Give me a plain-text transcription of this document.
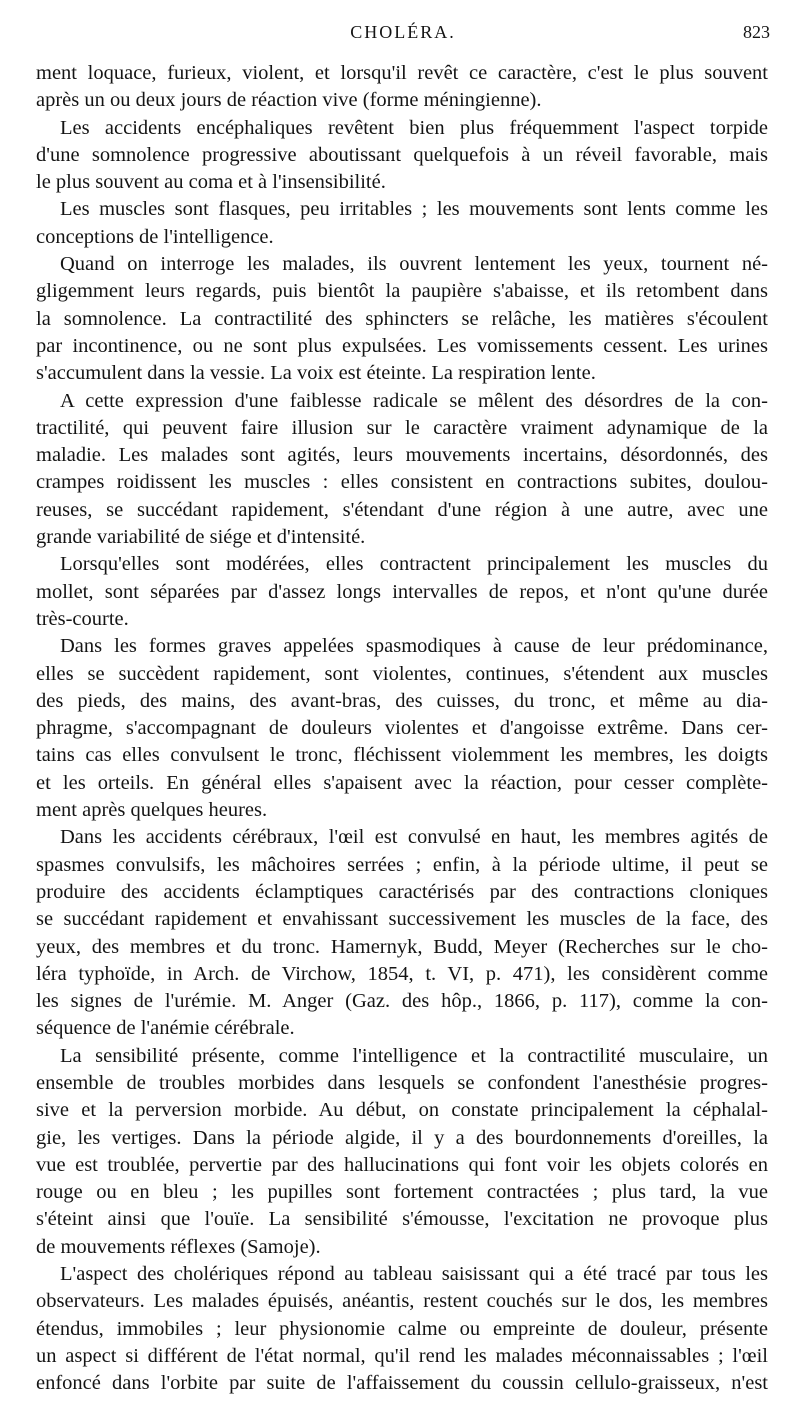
CHOLÉRA.	823
ment loquace, furieux, violent, et lorsqu'il revêt ce caractère, c'est le plus souvent
après un ou deux jours de réaction vive (forme méningienne).
Les accidents encéphaliques revêtent bien plus fréquemment l'aspect torpide
d'une somnolence progressive aboutissant quelquefois à un réveil favorable, mais
le plus souvent au coma et à l'insensibilité.
Les muscles sont flasques, peu irritables ; les mouvements sont lents comme les
conceptions de l'intelligence.
Quand on interroge les malades, ils ouvrent lentement les yeux, tournent né-
gligemment leurs regards, puis bientôt la paupière s'abaisse, et ils retombent dans
la somnolence. La contractilité des sphincters se relâche, les matières s'écoulent
par incontinence, ou ne sont plus expulsées. Les vomissements cessent. Les urines
s'accumulent dans la vessie. La voix est éteinte. La respiration lente.
A cette expression d'une faiblesse radicale se mêlent des désordres de la con-
tractilité, qui peuvent faire illusion sur le caractère vraiment adynamique de la
maladie. Les malades sont agités, leurs mouvements incertains, désordonnés, des
crampes roidissent les muscles : elles consistent en contractions subites, doulou-
reuses, se succédant rapidement, s'étendant d'une région à une autre, avec une
grande variabilité de siége et d'intensité.
Lorsqu'elles sont modérées, elles contractent principalement les muscles du
mollet, sont séparées par d'assez longs intervalles de repos, et n'ont qu'une durée
très-courte.
Dans les formes graves appelées spasmodiques à cause de leur prédominance,
elles se succèdent rapidement, sont violentes, continues, s'étendent aux muscles
des pieds, des mains, des avant-bras, des cuisses, du tronc, et même au dia-
phragme, s'accompagnant de douleurs violentes et d'angoisse extrême. Dans cer-
tains cas elles convulsent le tronc, fléchissent violemment les membres, les doigts
et les orteils. En général elles s'apaisent avec la réaction, pour cesser complète-
ment après quelques heures.
Dans les accidents cérébraux, l'œil est convulsé en haut, les membres agités de
spasmes convulsifs, les mâchoires serrées ; enfin, à la période ultime, il peut se
produire des accidents éclamptiques caractérisés par des contractions cloniques
se succédant rapidement et envahissant successivement les muscles de la face, des
yeux, des membres et du tronc. Hamernyk, Budd, Meyer (Recherches sur le cho-
léra typhoïde, in Arch. de Virchow, 1854, t. VI, p. 471), les considèrent comme
les signes de l'urémie. M. Anger (Gaz. des hôp., 1866, p. 117), comme la con-
séquence de l'anémie cérébrale.
La sensibilité présente, comme l'intelligence et la contractilité musculaire, un
ensemble de troubles morbides dans lesquels se confondent l'anesthésie progres-
sive et la perversion morbide. Au début, on constate principalement la céphalal-
gie, les vertiges. Dans la période algide, il y a des bourdonnements d'oreilles, la
vue est troublée, pervertie par des hallucinations qui font voir les objets colorés en
rouge ou en bleu ; les pupilles sont fortement contractées ; plus tard, la vue
s'éteint ainsi que l'ouïe. La sensibilité s'émousse, l'excitation ne provoque plus
de mouvements réflexes (Samoje).
L'aspect des cholériques répond au tableau saisissant qui a été tracé par tous les
observateurs. Les malades épuisés, anéantis, restent couchés sur le dos, les membres
étendus, immobiles ; leur physionomie calme ou empreinte de douleur, présente
un aspect si différent de l'état normal, qu'il rend les malades méconnaissables ; l'œil
enfoncé dans l'orbite par suite de l'affaissement du coussin cellulo-graisseux, n'est
